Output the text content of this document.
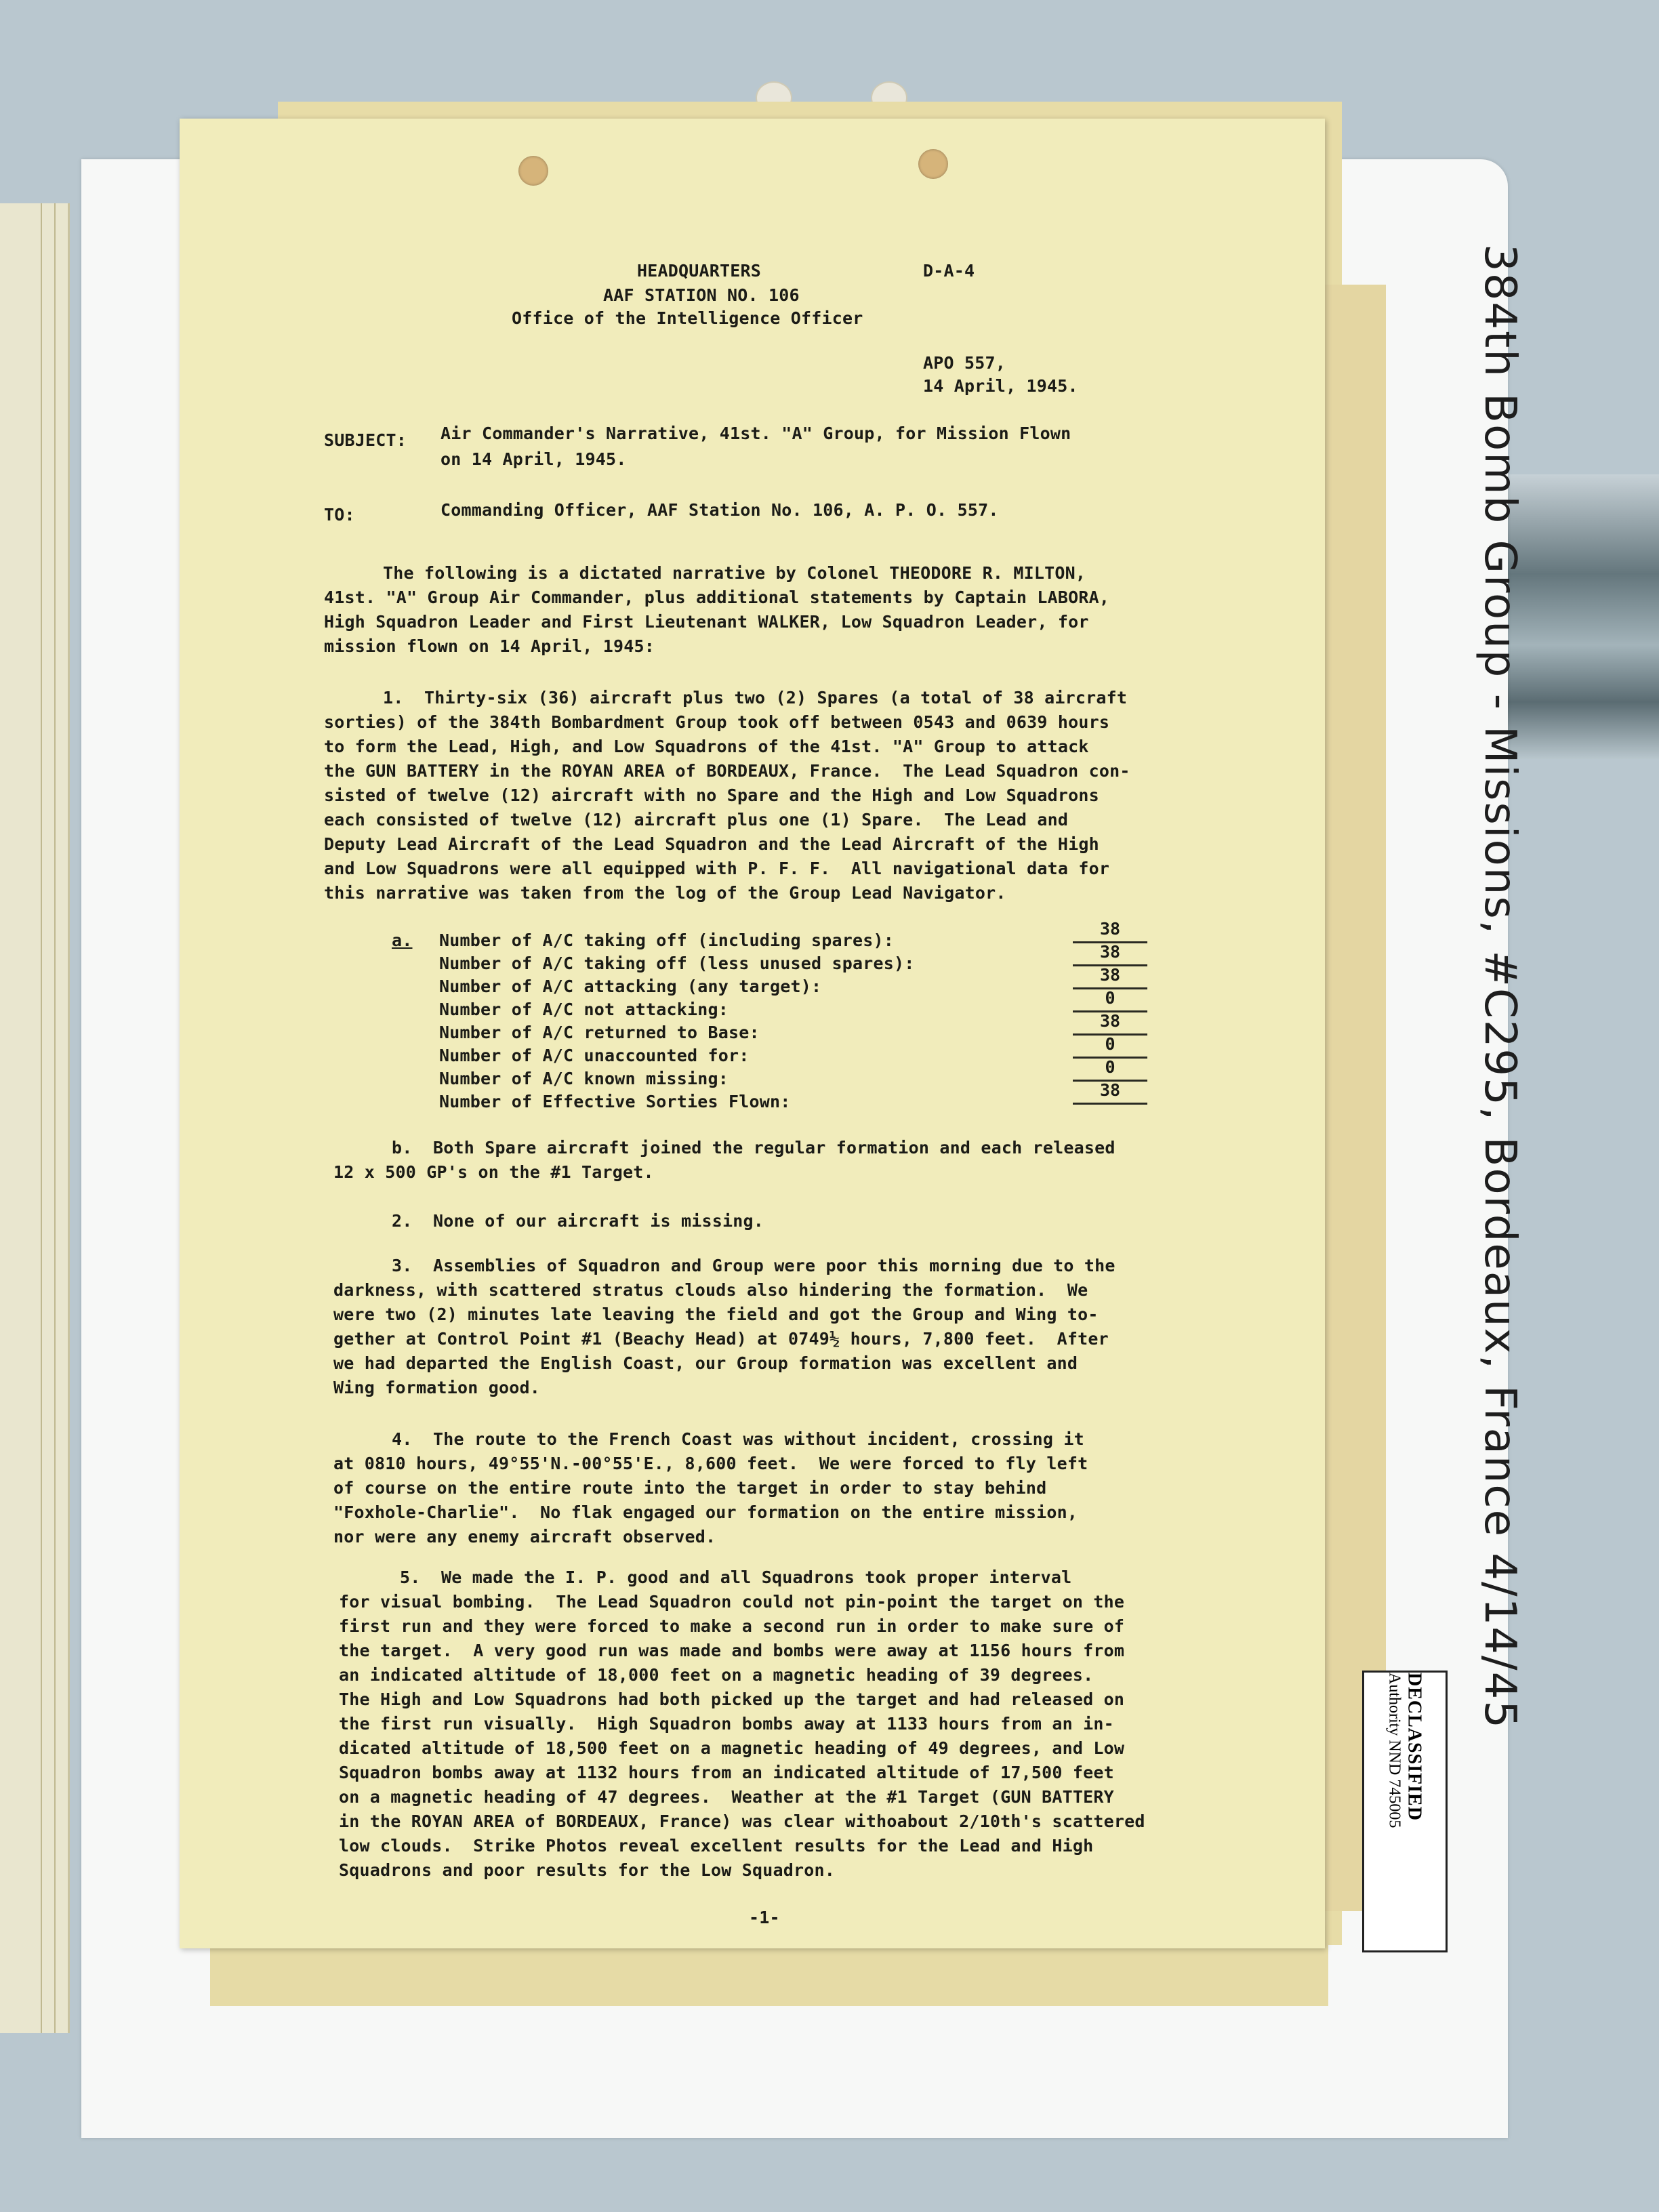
HEADQUARTERS	D-A-4
AAF STATION NO. 106
Office of the Intelligence Officer
APO 557,
14 April, 1945.
SUBJECT: Air Commander's Narrative, 41st. "A" Group, for Mission Flown
on 14 April, 1945.
TO:	Commanding Officer, AAF Station No. 106, A. P. O. 557.
The following is a dictated narrative by Colonel THEODORE R. MILTON,
41st. "A" Group Air Commander, plus additional statements by Captain LABORA,
High Squadron Leader and First Lieutenant WALKER, Low Squadron Leader, for
mission flown on 14 April, 1945:
1.  Thirty-six (36) aircraft plus two (2) Spares (a total of 38 aircraft
sorties) of the 384th Bombardment Group took off between 0543 and 0639 hours
to form the Lead, High, and Low Squadrons of the 41st. "A" Group to attack
the GUN BATTERY in the ROYAN AREA of BORDEAUX, France.  The Lead Squadron con-
sisted of twelve (12) aircraft with no Spare and the High and Low Squadrons
each consisted of twelve (12) aircraft plus one (1) Spare.  The Lead and
Deputy Lead Aircraft of the Lead Squadron and the Lead Aircraft of the High
and Low Squadrons were all equipped with P. F. F.  All navigational data for
this narrative was taken from the log of the Group Lead Navigator.
a. Number of A/C taking off (including spares):
Number of A/C taking off (less unused spares):
Number of A/C attacking (any target):
Number of A/C not attacking:
Number of A/C returned to Base:
Number of A/C unaccounted for:
Number of A/C known missing:
Number of Effective Sorties Flown:
38
38
38
0
38
0
0
38
b.  Both Spare aircraft joined the regular formation and each released
12 x 500 GP's on the #1 Target.
2.  None of our aircraft is missing.
3.  Assemblies of Squadron and Group were poor this morning due to the
darkness, with scattered stratus clouds also hindering the formation.  We
were two (2) minutes late leaving the field and got the Group and Wing to-
gether at Control Point #1 (Beachy Head) at 0749½ hours, 7,800 feet.  After
we had departed the English Coast, our Group formation was excellent and
Wing formation good.
4.  The route to the French Coast was without incident, crossing it
at 0810 hours, 49°55'N.-00°55'E., 8,600 feet.  We were forced to fly left
of course on the entire route into the target in order to stay behind
"Foxhole-Charlie".  No flak engaged our formation on the entire mission,
nor were any enemy aircraft observed.
5.  We made the I. P. good and all Squadrons took proper interval
for visual bombing.  The Lead Squadron could not pin-point the target on the
first run and they were forced to make a second run in order to make sure of
the target.  A very good run was made and bombs were away at 1156 hours from
an indicated altitude of 18,000 feet on a magnetic heading of 39 degrees.
The High and Low Squadrons had both picked up the target and had released on
the first run visually.  High Squadron bombs away at 1133 hours from an in-
dicated altitude of 18,500 feet on a magnetic heading of 49 degrees, and Low
Squadron bombs away at 1132 hours from an indicated altitude of 17,500 feet
on a magnetic heading of 47 degrees.  Weather at the #1 Target (GUN BATTERY
in the ROYAN AREA of BORDEAUX, France) was clear withoabout 2/10th's scattered
low clouds.  Strike Photos reveal excellent results for the Lead and High
Squadrons and poor results for the Low Squadron.
-1-
384th Bomb Group - Missions, #C295, Bordeaux, France 4/14/45
DECLASSIFIED
Authority NND 745005
